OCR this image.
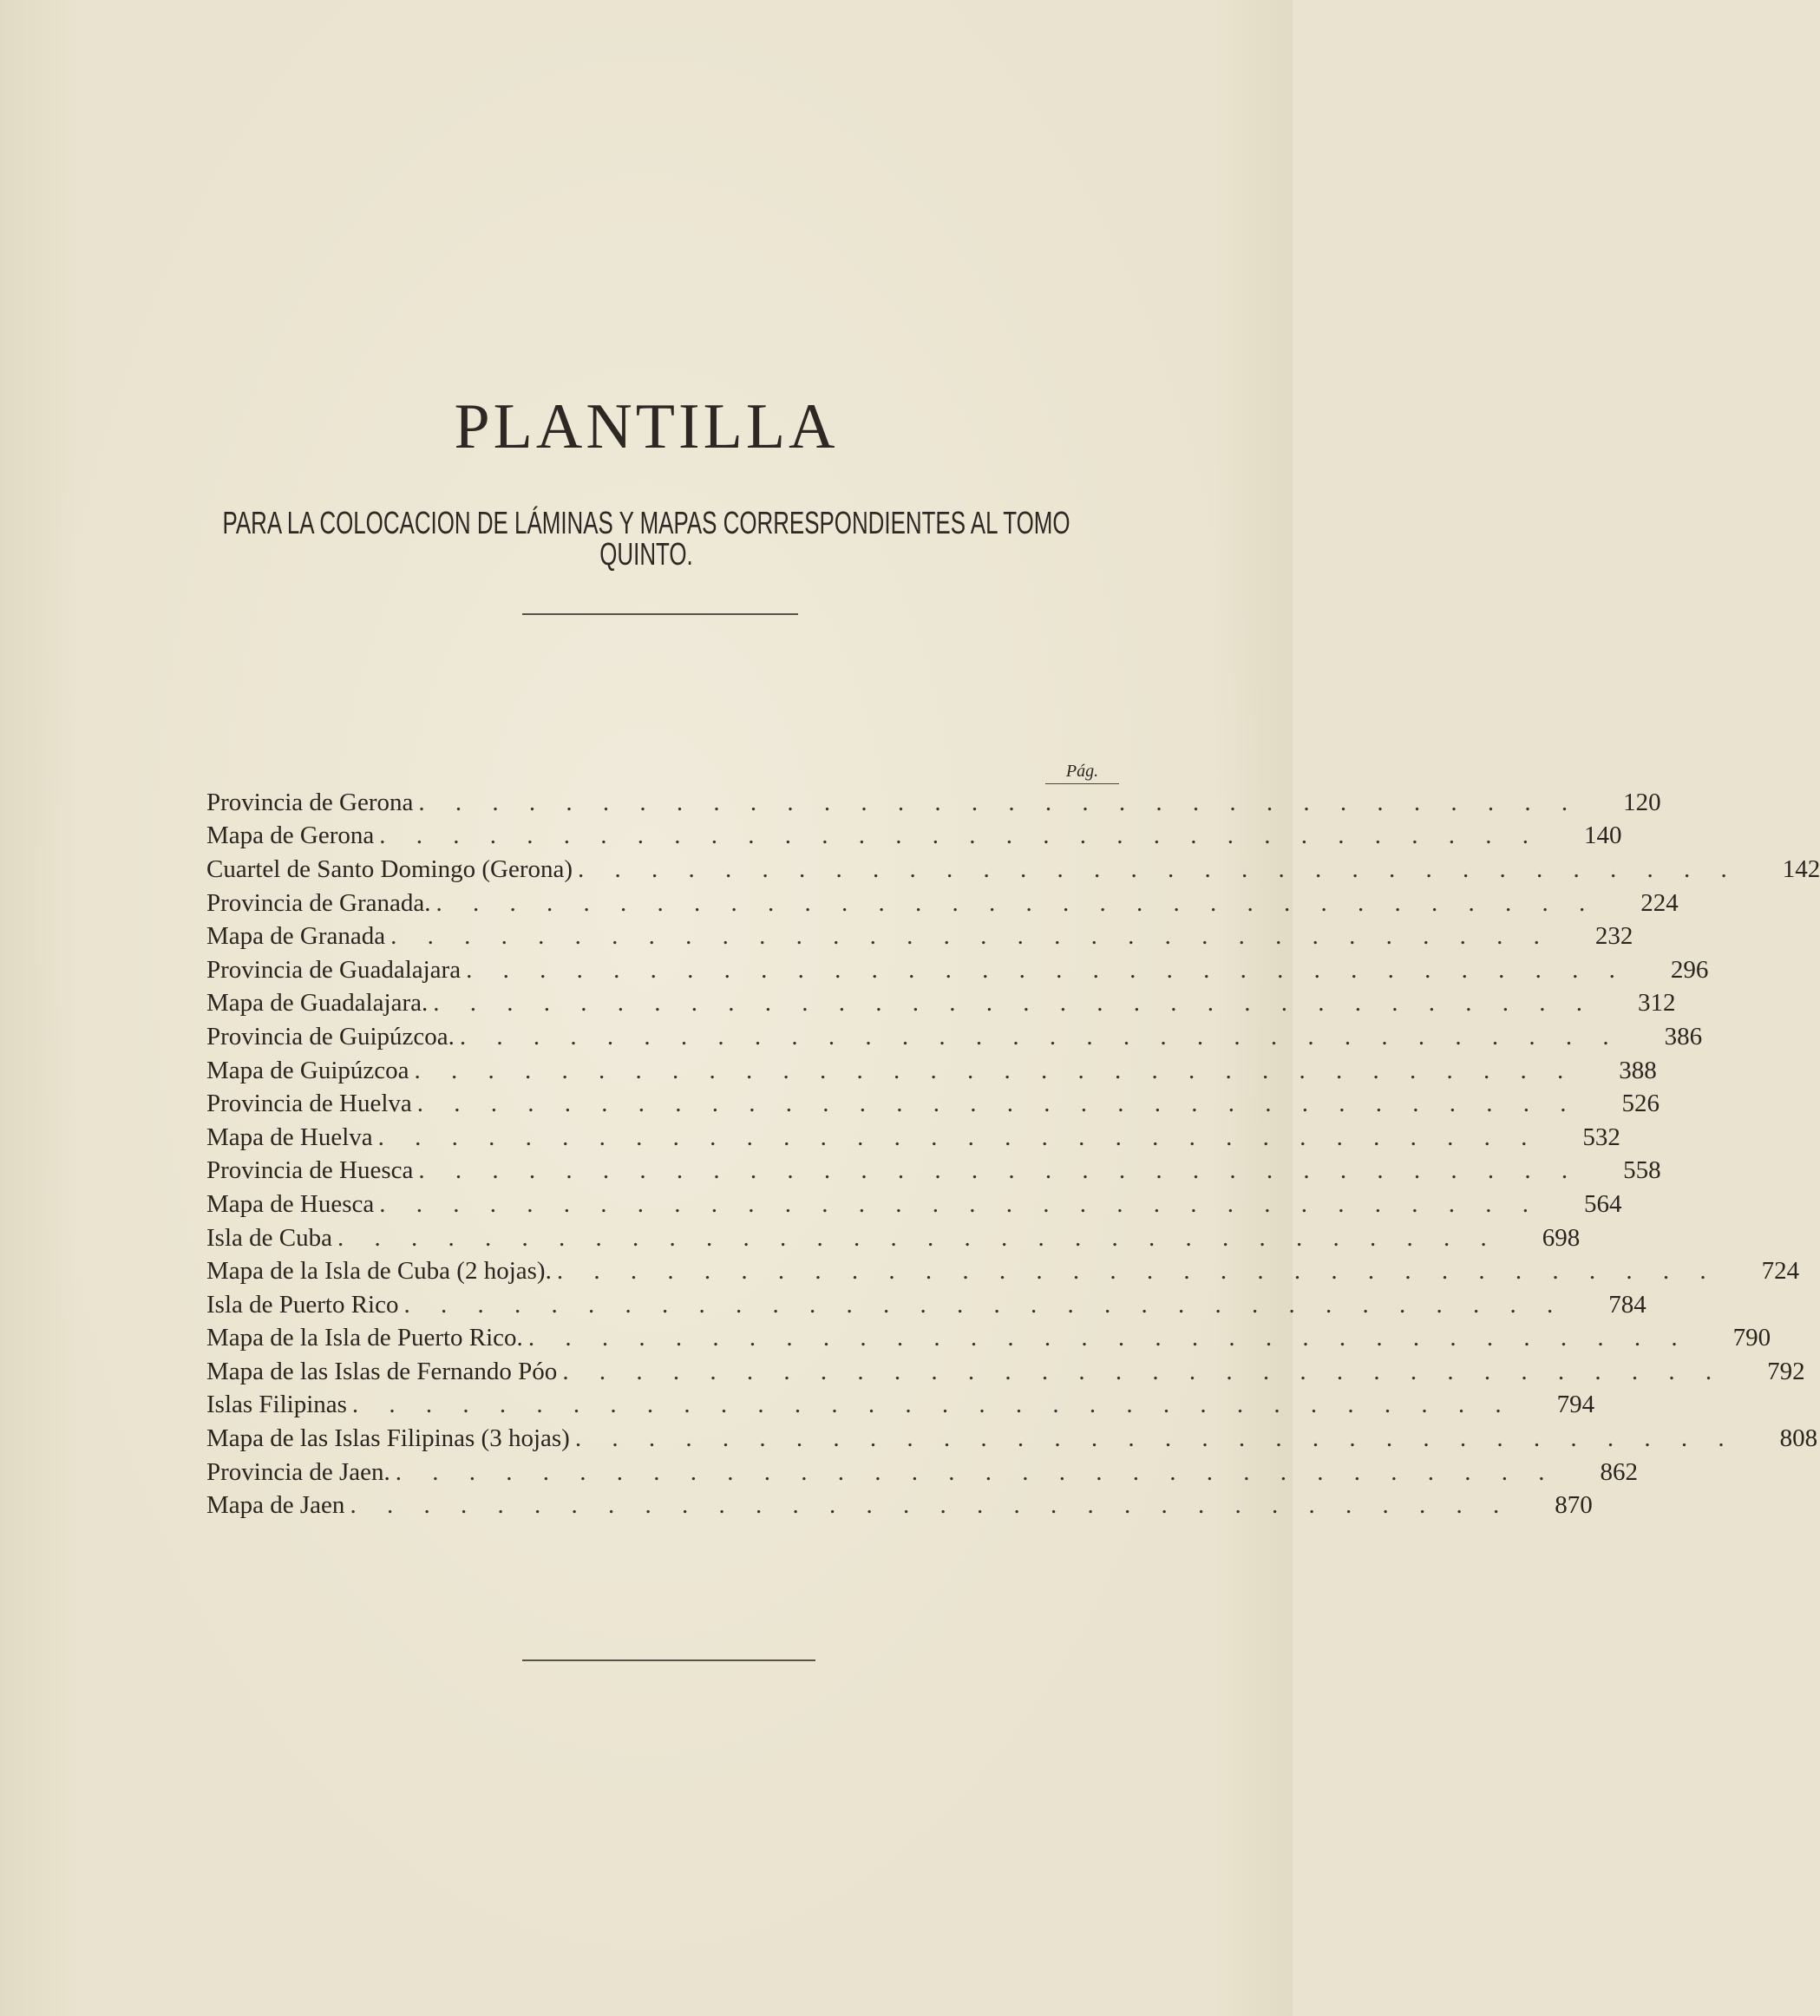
PLANTILLA
PARA LA COLOCACION DE LÁMINAS Y MAPAS CORRESPONDIENTES AL TOMO QUINTO.
Pág.
Provincia de Gerona . . . . . . . . . . . . . . . . . . . . . . . . . . . . . . . . 120
Mapa de Gerona . . . . . . . . . . . . . . . . . . . . . . . . . . . . . . . . 140
Cuartel de Santo Domingo (Gerona) . . . . . . . . . . . . . . . . . . . . . . . . . . . . . . . . 142
Provincia de Granada. . . . . . . . . . . . . . . . . . . . . . . . . . . . . . . . . 224
Mapa de Granada . . . . . . . . . . . . . . . . . . . . . . . . . . . . . . . . 232
Provincia de Guadalajara . . . . . . . . . . . . . . . . . . . . . . . . . . . . . . . . 296
Mapa de Guadalajara. . . . . . . . . . . . . . . . . . . . . . . . . . . . . . . . . 312
Provincia de Guipúzcoa. . . . . . . . . . . . . . . . . . . . . . . . . . . . . . . . . 386
Mapa de Guipúzcoa . . . . . . . . . . . . . . . . . . . . . . . . . . . . . . . . 388
Provincia de Huelva . . . . . . . . . . . . . . . . . . . . . . . . . . . . . . . . 526
Mapa de Huelva . . . . . . . . . . . . . . . . . . . . . . . . . . . . . . . . 532
Provincia de Huesca . . . . . . . . . . . . . . . . . . . . . . . . . . . . . . . . 558
Mapa de Huesca . . . . . . . . . . . . . . . . . . . . . . . . . . . . . . . . 564
Isla de Cuba . . . . . . . . . . . . . . . . . . . . . . . . . . . . . . . . 698
Mapa de la Isla de Cuba (2 hojas). . . . . . . . . . . . . . . . . . . . . . . . . . . . . . . . . 724
Isla de Puerto Rico . . . . . . . . . . . . . . . . . . . . . . . . . . . . . . . . 784
Mapa de la Isla de Puerto Rico. . . . . . . . . . . . . . . . . . . . . . . . . . . . . . . . . 790
Mapa de las Islas de Fernando Póo . . . . . . . . . . . . . . . . . . . . . . . . . . . . . . . . 792
Islas Filipinas . . . . . . . . . . . . . . . . . . . . . . . . . . . . . . . . 794
Mapa de las Islas Filipinas (3 hojas) . . . . . . . . . . . . . . . . . . . . . . . . . . . . . . . . 808
Provincia de Jaen. . . . . . . . . . . . . . . . . . . . . . . . . . . . . . . . . 862
Mapa de Jaen . . . . . . . . . . . . . . . . . . . . . . . . . . . . . . . . 870
